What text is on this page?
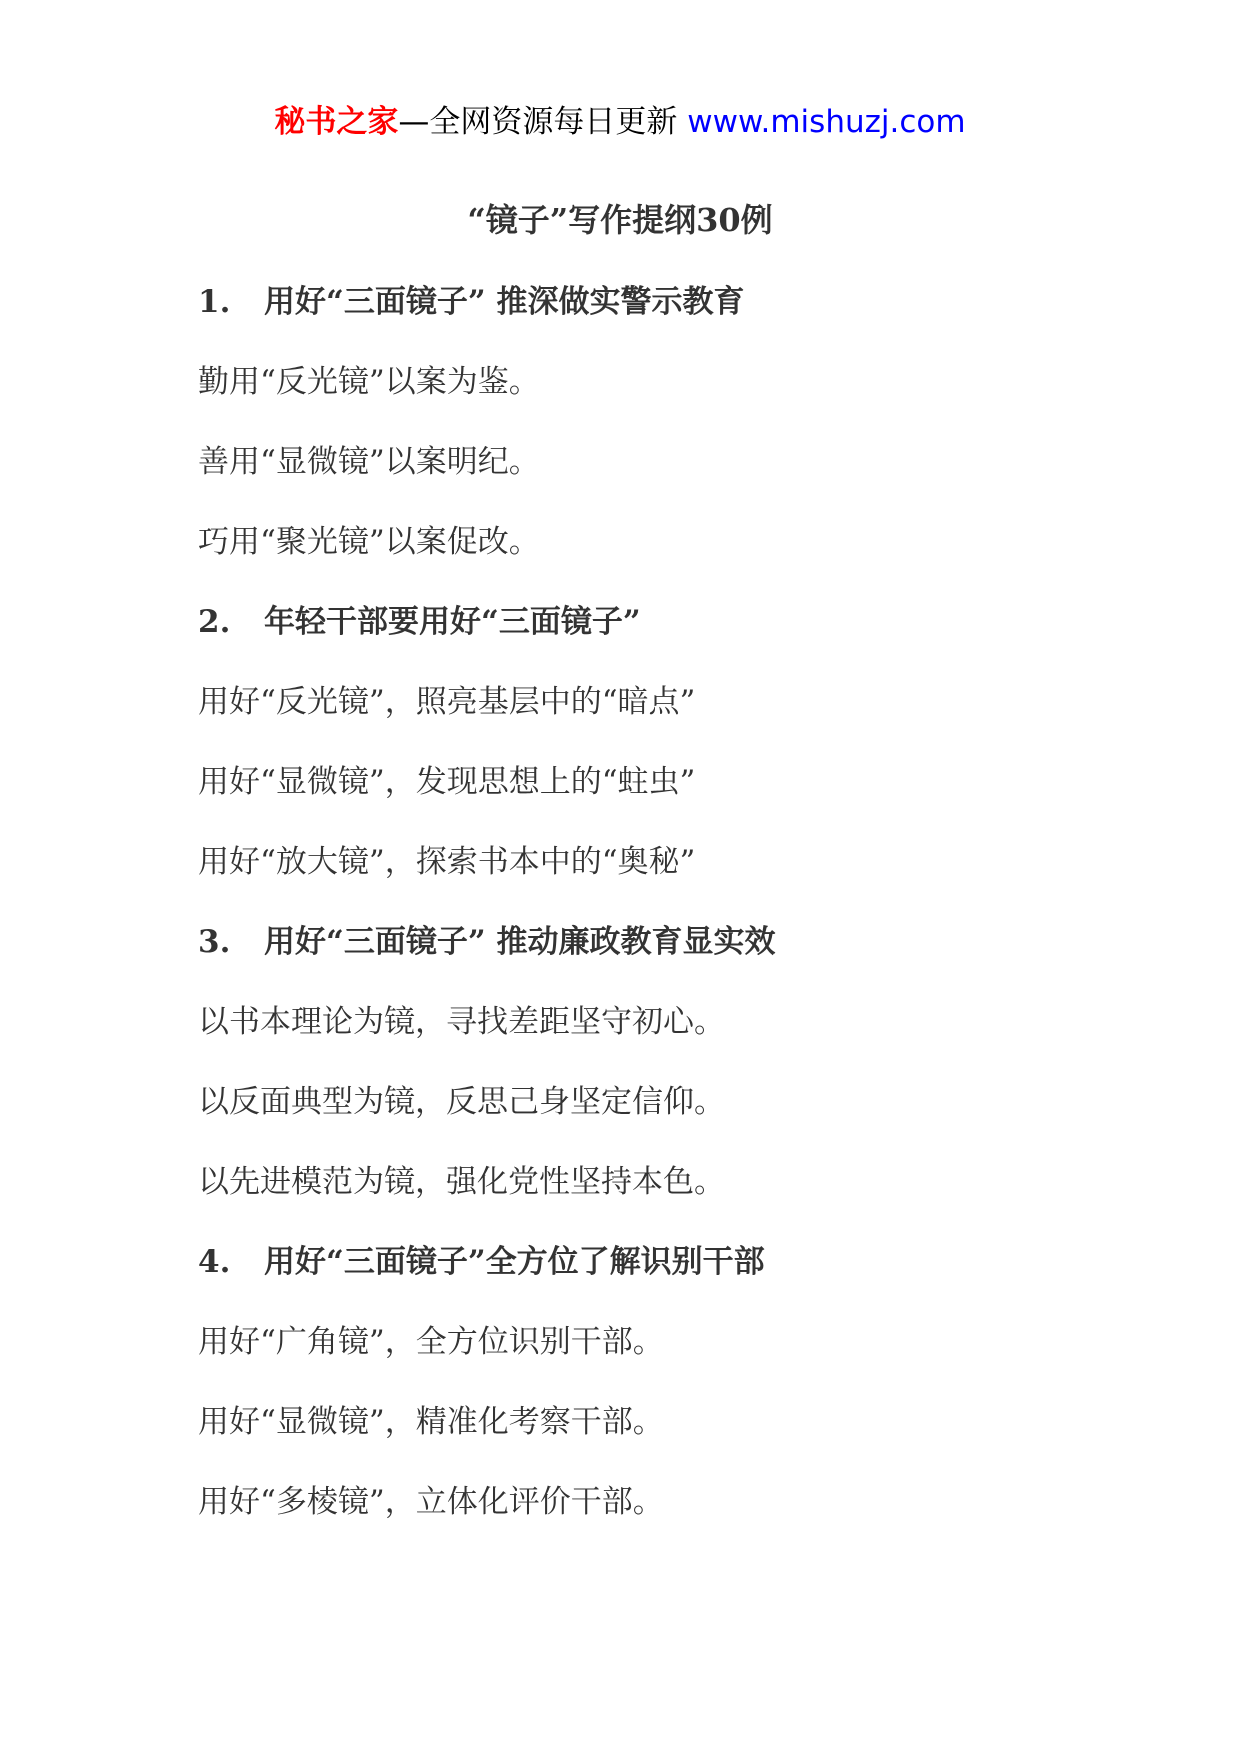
秘书之家—全网资源每日更新 www.mishuzj.com
“镜子”写作提纲30例
1.	用好“三面镜子” 推深做实警示教育
勤用“反光镜”以案为鉴。
善用“显微镜”以案明纪。
巧用“聚光镜”以案促改。
2.	年轻干部要用好“三面镜子”
用好“反光镜”，照亮基层中的“暗点”
用好“显微镜”，发现思想上的“蛀虫”
用好“放大镜”，探索书本中的“奥秘”
3.	用好“三面镜子” 推动廉政教育显实效
以书本理论为镜，寻找差距坚守初心。
以反面典型为镜，反思己身坚定信仰。
以先进模范为镜，强化党性坚持本色。
4.	用好“三面镜子”全方位了解识别干部
用好“广角镜”，全方位识别干部。
用好“显微镜”，精准化考察干部。
用好“多棱镜”，立体化评价干部。
